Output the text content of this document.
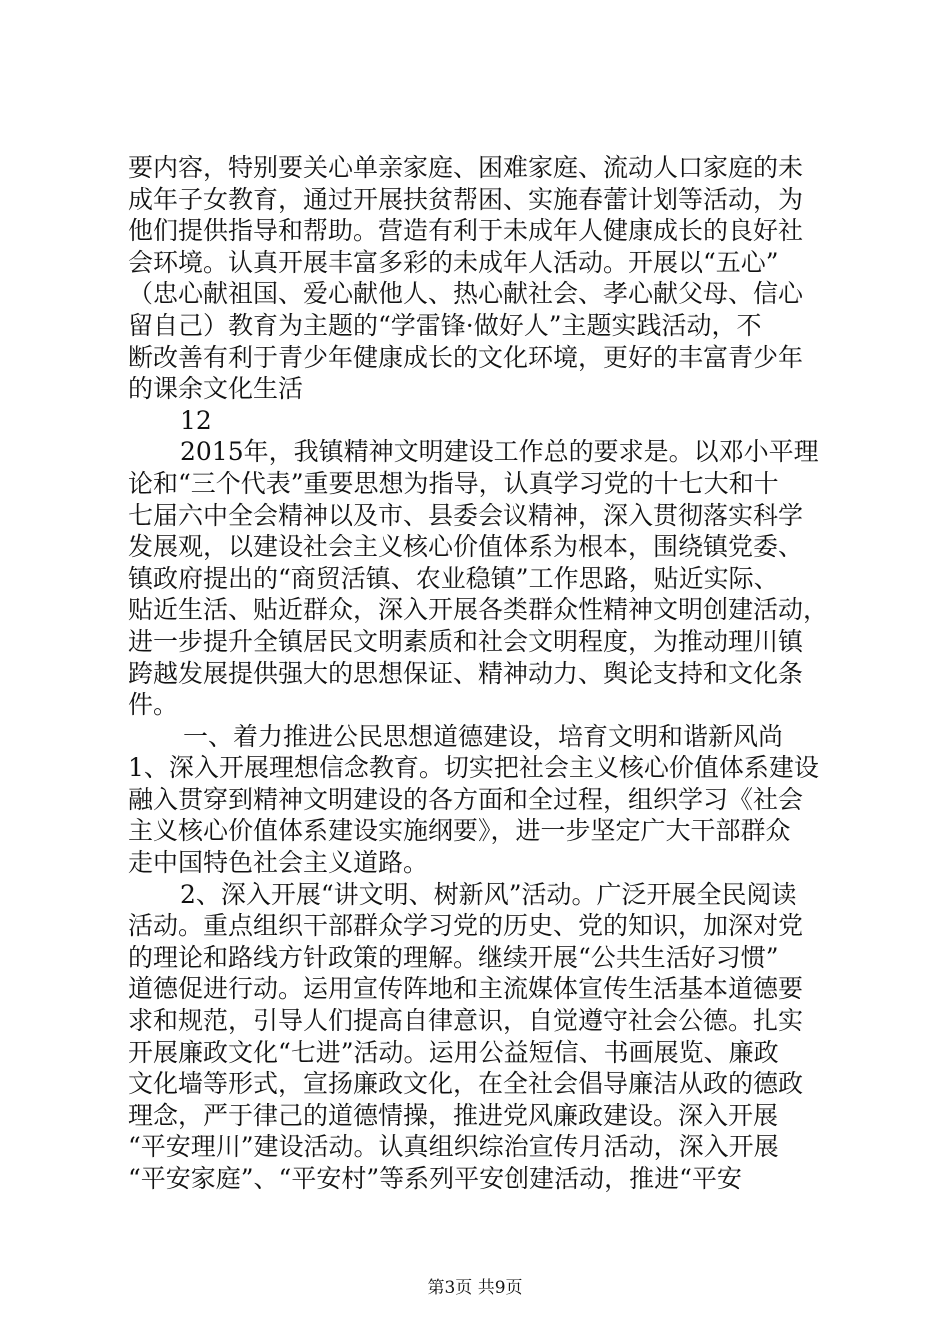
要内容，特别要关心单亲家庭、困难家庭、流动人口家庭的未
成年子女教育，通过开展扶贫帮困、实施春蕾计划等活动，为
他们提供指导和帮助。营造有利于未成年人健康成长的良好社
会环境。认真开展丰富多彩的未成年人活动。开展以“五心”
（忠心献祖国、爱心献他人、热心献社会、孝心献父母、信心
留自己）教育为主题的“学雷锋·做好人”主题实践活动，不
断改善有利于青少年健康成长的文化环境，更好的丰富青少年
的课余文化生活
12
2015年，我镇精神文明建设工作总的要求是。以邓小平理
论和“三个代表”重要思想为指导，认真学习党的十七大和十
七届六中全会精神以及市、县委会议精神，深入贯彻落实科学
发展观，以建设社会主义核心价值体系为根本，围绕镇党委、
镇政府提出的“商贸活镇、农业稳镇”工作思路，贴近实际、
贴近生活、贴近群众，深入开展各类群众性精神文明创建活动，
进一步提升全镇居民文明素质和社会文明程度，为推动理川镇
跨越发展提供强大的思想保证、精神动力、舆论支持和文化条
件。
一、着力推进公民思想道德建设，培育文明和谐新风尚
1、深入开展理想信念教育。切实把社会主义核心价值体系建设
融入贯穿到精神文明建设的各方面和全过程，组织学习《社会
主义核心价值体系建设实施纲要》，进一步坚定广大干部群众
走中国特色社会主义道路。
2、深入开展“讲文明、树新风”活动。广泛开展全民阅读
活动。重点组织干部群众学习党的历史、党的知识，加深对党
的理论和路线方针政策的理解。继续开展“公共生活好习惯”
道德促进行动。运用宣传阵地和主流媒体宣传生活基本道德要
求和规范，引导人们提高自律意识，自觉遵守社会公德。扎实
开展廉政文化“七进”活动。运用公益短信、书画展览、廉政
文化墙等形式，宣扬廉政文化，在全社会倡导廉洁从政的德政
理念，严于律己的道德情操，推进党风廉政建设。深入开展
“平安理川”建设活动。认真组织综治宣传月活动，深入开展
“平安家庭”、“平安村”等系列平安创建活动，推进“平安
第3页 共9页
